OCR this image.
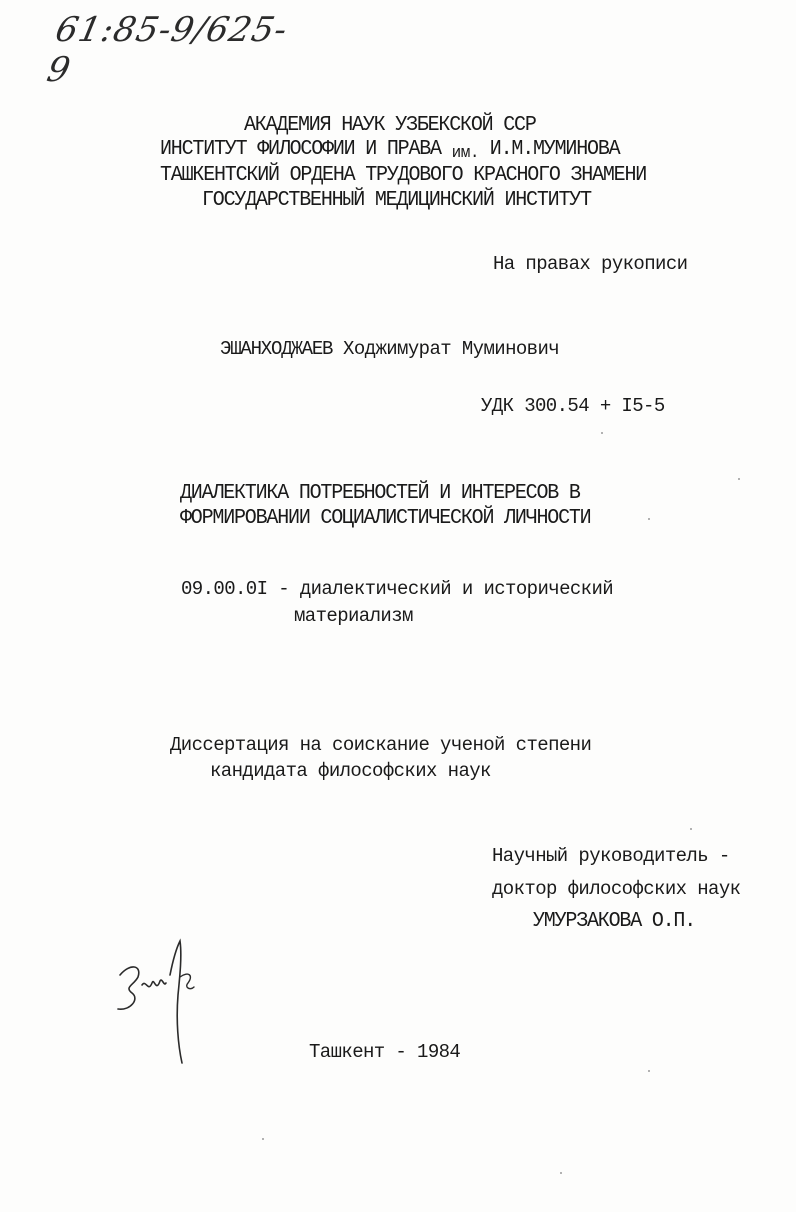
61:85-9/625-9
АКАДЕМИЯ НАУК УЗБЕКСКОЙ ССР
ИНСТИТУТ ФИЛОСОФИИ И ПРАВА им. И.М.МУМИНОВА
ТАШКЕНТСКИЙ ОРДЕНА ТРУДОВОГО КРАСНОГО ЗНАМЕНИ
ГОСУДАРСТВЕННЫЙ МЕДИЦИНСКИЙ ИНСТИТУТ
На правах рукописи
ЭШАНХОДЖАЕВ Ходжимурат Муминович
УДК 300.54 + I5-5
ДИАЛЕКТИКА ПОТРЕБНОСТЕЙ И ИНТЕРЕСОВ В
ФОРМИРОВАНИИ СОЦИАЛИСТИЧЕСКОЙ ЛИЧНОСТИ
09.00.0I - диалектический и исторический
материализм
Диссертация на соискание ученой степени
кандидата философских наук
Научный руководитель -
доктор философских наук
УМУРЗАКОВА О.П.
Ташкент - 1984
